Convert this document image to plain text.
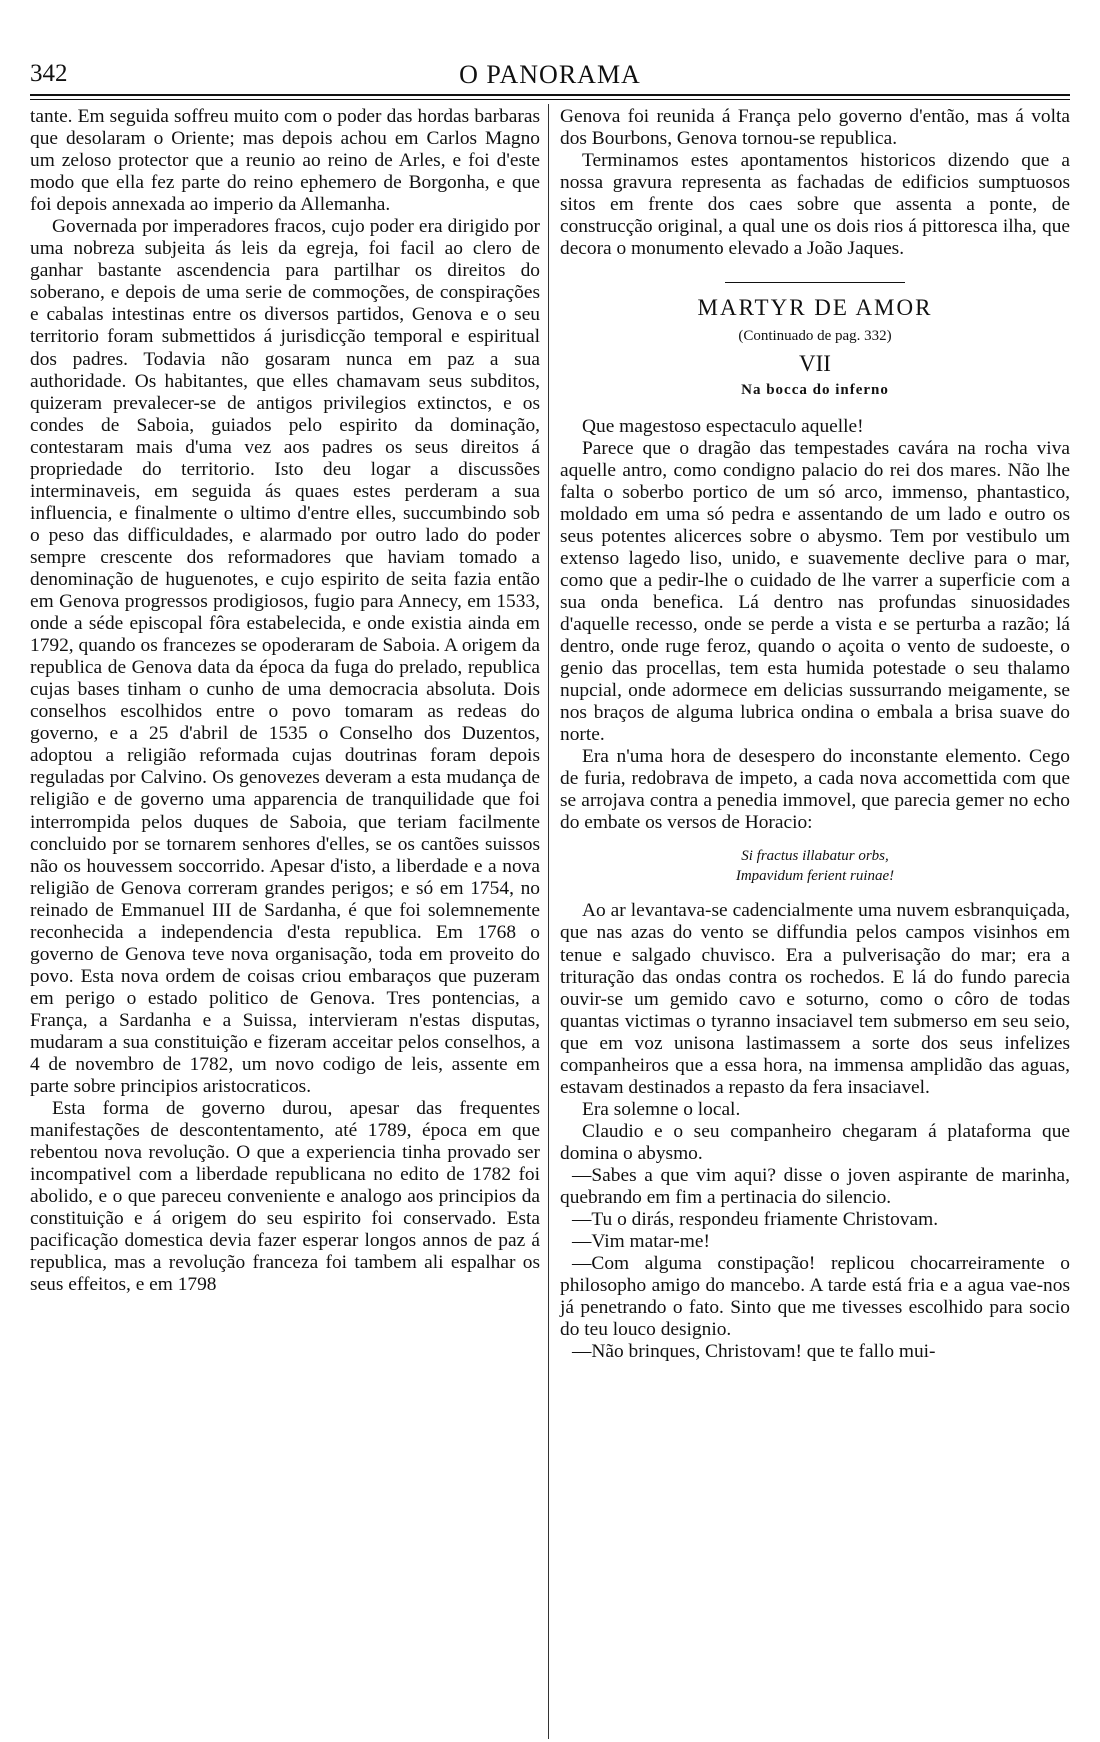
342	O PANORAMA

tante. Em seguida soffreu muito com o poder das hordas barbaras que desolaram o Oriente; mas depois achou em Carlos Magno um zeloso protector que a reunio ao reino de Arles, e foi d'este modo que ella fez parte do reino ephemero de Borgonha, e que foi depois annexada ao imperio da Allemanha.

Governada por imperadores fracos, cujo poder era dirigido por uma nobreza subjeita ás leis da egreja, foi facil ao clero de ganhar bastante ascendencia para partilhar os direitos do soberano, e depois de uma serie de commoções, de conspirações e cabalas intestinas entre os diversos partidos, Genova e o seu territorio foram submettidos á jurisdicção temporal e espiritual dos padres. Todavia não gosaram nunca em paz a sua authoridade. Os habitantes, que elles chamavam seus subditos, quizeram prevalecer-se de antigos privilegios extinctos, e os condes de Saboia, guiados pelo espirito da dominação, contestaram mais d'uma vez aos padres os seus direitos á propriedade do territorio. Isto deu logar a discussões interminaveis, em seguida ás quaes estes perderam a sua influencia, e finalmente o ultimo d'entre elles, succumbindo sob o peso das difficuldades, e alarmado por outro lado do poder sempre crescente dos reformadores que haviam tomado a denominação de huguenotes, e cujo espirito de seita fazia então em Genova progressos prodigiosos, fugio para Annecy, em 1533, onde a séde episcopal fôra estabelecida, e onde existia ainda em 1792, quando os francezes se opoderaram de Saboia. A origem da republica de Genova data da época da fuga do prelado, republica cujas bases tinham o cunho de uma democracia absoluta. Dois conselhos escolhidos entre o povo tomaram as redeas do governo, e a 25 d'abril de 1535 o Conselho dos Duzentos, adoptou a religião reformada cujas doutrinas foram depois reguladas por Calvino. Os genovezes deveram a esta mudança de religião e de governo uma apparencia de tranquilidade que foi interrompida pelos duques de Saboia, que teriam facilmente concluido por se tornarem senhores d'elles, se os cantões suissos não os houvessem soccorrido. Apesar d'isto, a liberdade e a nova religião de Genova correram grandes perigos; e só em 1754, no reinado de Emmanuel III de Sardanha, é que foi solemnemente reconhecida a independencia d'esta republica. Em 1768 o governo de Genova teve nova organisação, toda em proveito do povo. Esta nova ordem de coisas criou embaraços que puzeram em perigo o estado politico de Genova. Tres pontencias, a França, a Sardanha e a Suissa, intervieram n'estas disputas, mudaram a sua constituição e fizeram acceitar pelos conselhos, a 4 de novembro de 1782, um novo codigo de leis, assente em parte sobre principios aristocraticos.

Esta forma de governo durou, apesar das frequentes manifestações de descontentamento, até 1789, época em que rebentou nova revolução. O que a experiencia tinha provado ser incompativel com a liberdade republicana no edito de 1782 foi abolido, e o que pareceu conveniente e analogo aos principios da constituição e á origem do seu espirito foi conservado. Esta pacificação domestica devia fazer esperar longos annos de paz á republica, mas a revolução franceza foi tambem ali espalhar os seus effeitos, e em 1798

Genova foi reunida á França pelo governo d'então, mas á volta dos Bourbons, Genova tornou-se republica.

Terminamos estes apontamentos historicos dizendo que a nossa gravura representa as fachadas de edificios sumptuosos sitos em frente dos caes sobre que assenta a ponte, de construcção original, a qual une os dois rios á pittoresca ilha, que decora o monumento elevado a João Jaques.

MARTYR DE AMOR
(Continuado de pag. 332)
VII
Na bocca do inferno

Que magestoso espectaculo aquelle!

Parece que o dragão das tempestades cavára na rocha viva aquelle antro, como condigno palacio do rei dos mares. Não lhe falta o soberbo portico de um só arco, immenso, phantastico, moldado em uma só pedra e assentando de um lado e outro os seus potentes alicerces sobre o abysmo. Tem por vestibulo um extenso lagedo liso, unido, e suavemente declive para o mar, como que a pedir-lhe o cuidado de lhe varrer a superficie com a sua onda benefica. Lá dentro nas profundas sinuosidades d'aquelle recesso, onde se perde a vista e se perturba a razão; lá dentro, onde ruge feroz, quando o açoita o vento de sudoeste, o genio das procellas, tem esta humida potestade o seu thalamo nupcial, onde adormece em delicias sussurrando meigamente, se nos braços de alguma lubrica ondina o embala a brisa suave do norte.

Era n'uma hora de desespero do inconstante elemento. Cego de furia, redobrava de impeto, a cada nova accomettida com que se arrojava contra a penedia immovel, que parecia gemer no echo do embate os versos de Horacio:

Si fractus illabatur orbs,
Impavidum ferient ruinae!

Ao ar levantava-se cadencialmente uma nuvem esbranquiçada, que nas azas do vento se diffundia pelos campos visinhos em tenue e salgado chuvisco. Era a pulverisação do mar; era a trituração das ondas contra os rochedos. E lá do fundo parecia ouvir-se um gemido cavo e soturno, como o côro de todas quantas victimas o tyranno insaciavel tem submerso em seu seio, que em voz unisona lastimassem a sorte dos seus infelizes companheiros que a essa hora, na immensa amplidão das aguas, estavam destinados a repasto da fera insaciavel.

Era solemne o local.

Claudio e o seu companheiro chegaram á plataforma que domina o abysmo.

—Sabes a que vim aqui? disse o joven aspirante de marinha, quebrando em fim a pertinacia do silencio.

—Tu o dirás, respondeu friamente Christovam.

—Vim matar-me!

—Com alguma constipação! replicou chocarreiramente o philosopho amigo do mancebo. A tarde está fria e a agua vae-nos já penetrando o fato. Sinto que me tivesses escolhido para socio do teu louco designio.

—Não brinques, Christovam! que te fallo mui-
